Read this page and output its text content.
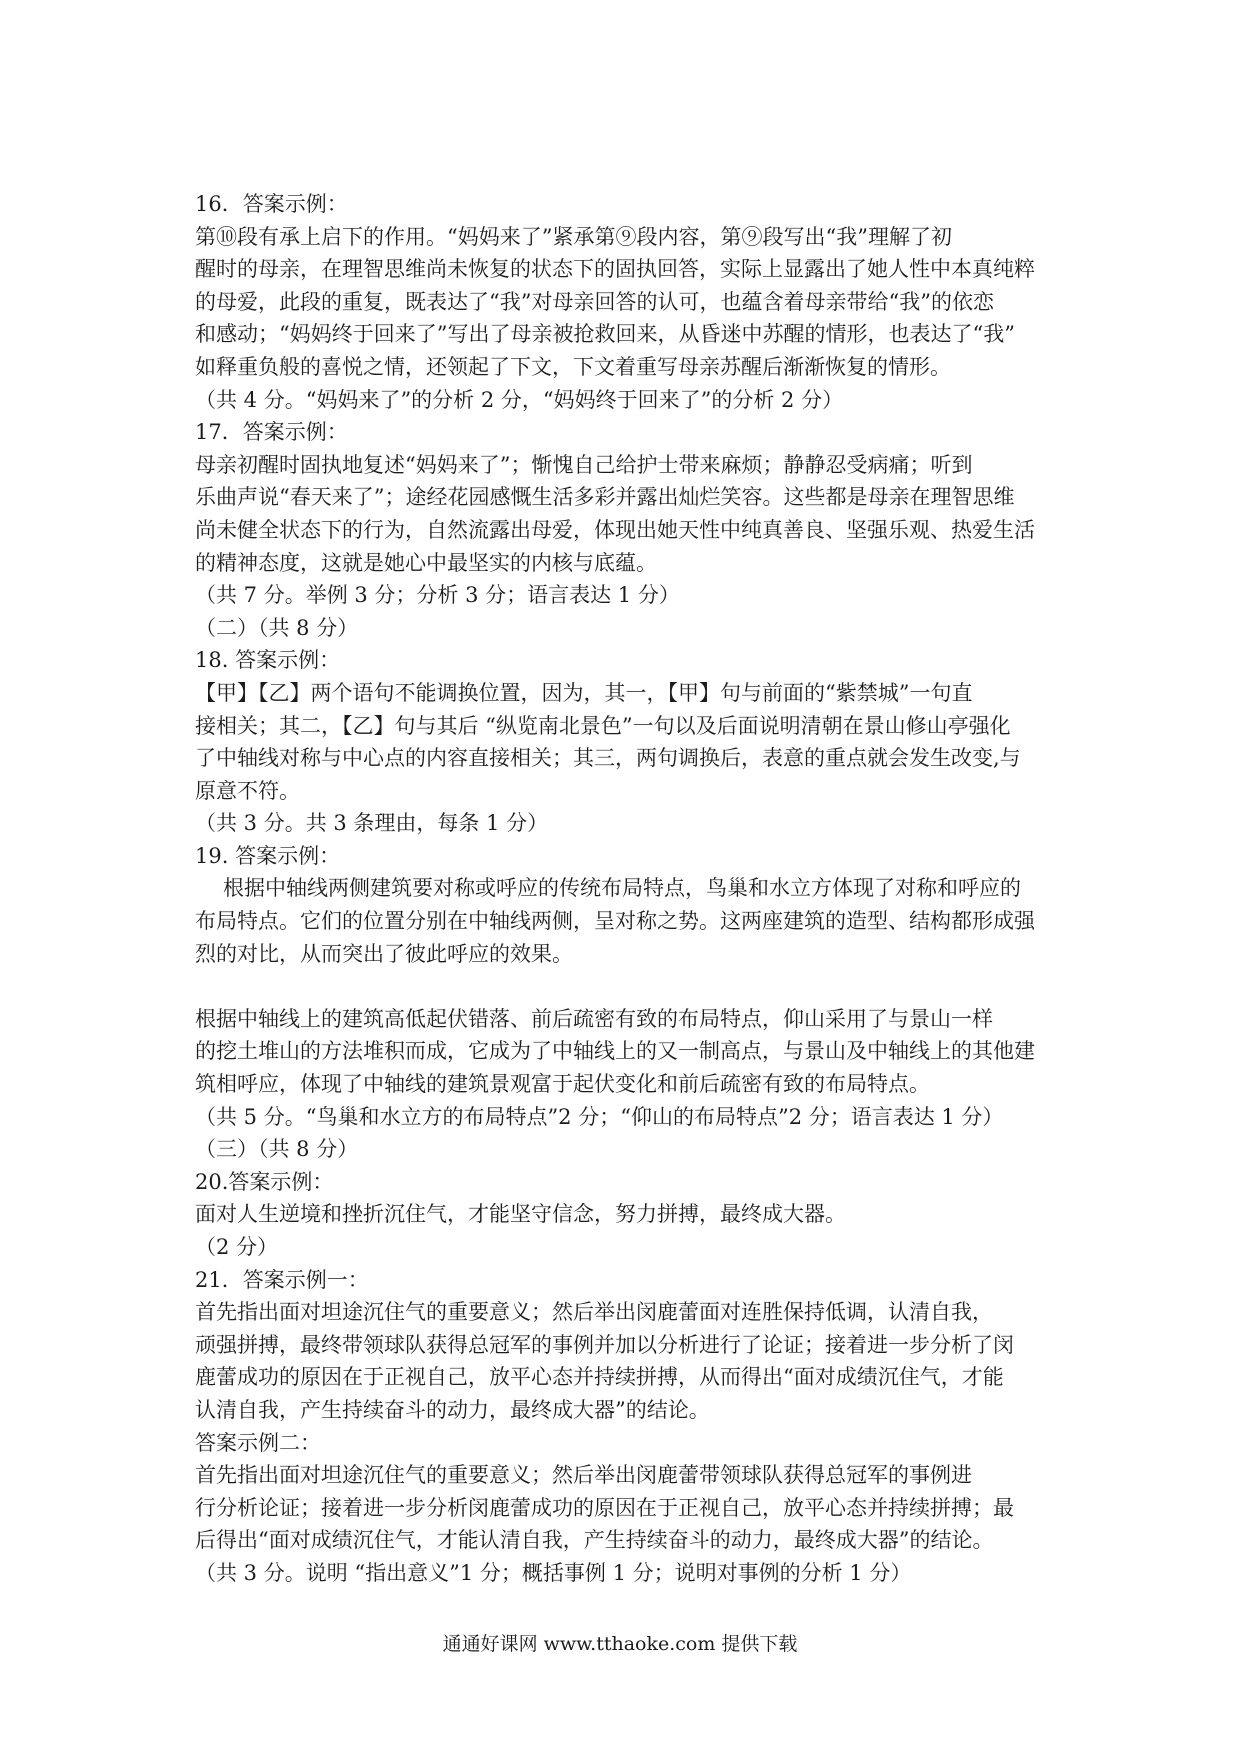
16．答案示例：
第⑩段有承上启下的作用。“妈妈来了”紧承第⑨段内容，第⑨段写出“我”理解了初
醒时的母亲，在理智思维尚未恢复的状态下的固执回答，实际上显露出了她人性中本真纯粹
的母爱，此段的重复，既表达了“我”对母亲回答的认可，也蕴含着母亲带给“我”的依恋
和感动；“妈妈终于回来了”写出了母亲被抢救回来，从昏迷中苏醒的情形，也表达了“我”
如释重负般的喜悦之情，还领起了下文，下文着重写母亲苏醒后渐渐恢复的情形。
（共 4 分。“妈妈来了”的分析 2 分，“妈妈终于回来了”的分析 2 分）
17．答案示例：
母亲初醒时固执地复述“妈妈来了”；惭愧自己给护士带来麻烦；静静忍受病痛；听到
乐曲声说“春天来了”；途经花园感慨生活多彩并露出灿烂笑容。这些都是母亲在理智思维
尚未健全状态下的行为，自然流露出母爱，体现出她天性中纯真善良、坚强乐观、热爱生活
的精神态度，这就是她心中最坚实的内核与底蕴。
（共 7 分。举例 3 分；分析 3 分；语言表达 1 分）
（二）（共 8 分）
18. 答案示例：
【甲】【乙】两个语句不能调换位置，因为，其一，【甲】句与前面的“紫禁城”一句直
接相关；其二，【乙】句与其后 “纵览南北景色”一句以及后面说明清朝在景山修山亭强化
了中轴线对称与中心点的内容直接相关；其三，两句调换后，表意的重点就会发生改变,与
原意不符。
（共 3 分。共 3 条理由，每条 1 分）
19. 答案示例：
根据中轴线两侧建筑要对称或呼应的传统布局特点，鸟巢和水立方体现了对称和呼应的
布局特点。它们的位置分别在中轴线两侧，呈对称之势。这两座建筑的造型、结构都形成强
烈的对比，从而突出了彼此呼应的效果。
根据中轴线上的建筑高低起伏错落、前后疏密有致的布局特点，仰山采用了与景山一样
的挖土堆山的方法堆积而成，它成为了中轴线上的又一制高点，与景山及中轴线上的其他建
筑相呼应，体现了中轴线的建筑景观富于起伏变化和前后疏密有致的布局特点。
（共 5 分。“鸟巢和水立方的布局特点”2 分；“仰山的布局特点”2 分；语言表达 1 分）
（三）（共 8 分）
20.答案示例：
面对人生逆境和挫折沉住气，才能坚守信念，努力拼搏，最终成大器。
（2 分）
21．答案示例一：
首先指出面对坦途沉住气的重要意义；然后举出闵鹿蕾面对连胜保持低调，认清自我，
顽强拼搏，最终带领球队获得总冠军的事例并加以分析进行了论证；接着进一步分析了闵
鹿蕾成功的原因在于正视自己，放平心态并持续拼搏，从而得出“面对成绩沉住气，才能
认清自我，产生持续奋斗的动力，最终成大器”的结论。
答案示例二：
首先指出面对坦途沉住气的重要意义；然后举出闵鹿蕾带领球队获得总冠军的事例进
行分析论证；接着进一步分析闵鹿蕾成功的原因在于正视自己，放平心态并持续拼搏；最
后得出“面对成绩沉住气，才能认清自我，产生持续奋斗的动力，最终成大器”的结论。
（共 3 分。说明 “指出意义”1 分；概括事例 1 分；说明对事例的分析 1 分）
通通好课网 www.tthaoke.com 提供下载
